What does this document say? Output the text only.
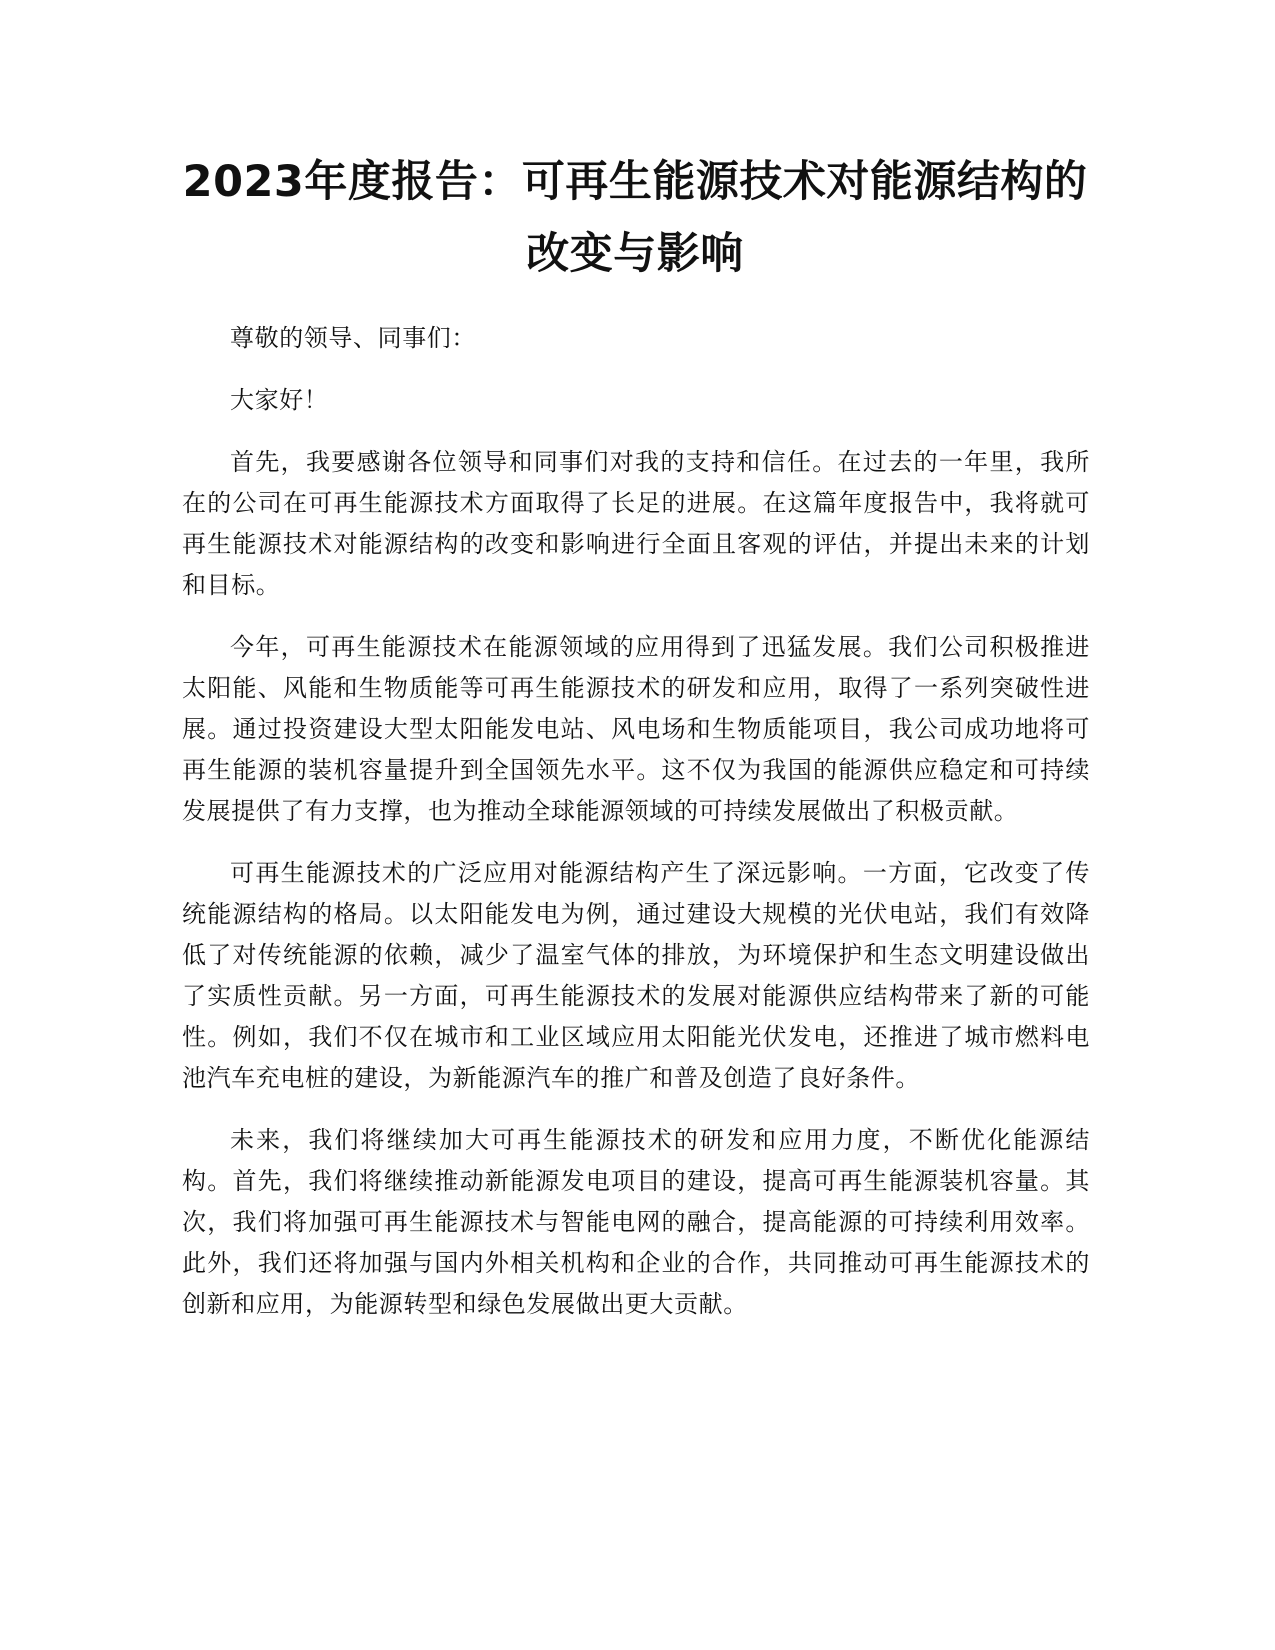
2023年度报告：可再生能源技术对能源结构的改变与影响

尊敬的领导、同事们：

大家好！

首先，我要感谢各位领导和同事们对我的支持和信任。在过去的一年里，我所在的公司在可再生能源技术方面取得了长足的进展。在这篇年度报告中，我将就可再生能源技术对能源结构的改变和影响进行全面且客观的评估，并提出未来的计划和目标。

今年，可再生能源技术在能源领域的应用得到了迅猛发展。我们公司积极推进太阳能、风能和生物质能等可再生能源技术的研发和应用，取得了一系列突破性进展。通过投资建设大型太阳能发电站、风电场和生物质能项目，我公司成功地将可再生能源的装机容量提升到全国领先水平。这不仅为我国的能源供应稳定和可持续发展提供了有力支撑，也为推动全球能源领域的可持续发展做出了积极贡献。

可再生能源技术的广泛应用对能源结构产生了深远影响。一方面，它改变了传统能源结构的格局。以太阳能发电为例，通过建设大规模的光伏电站，我们有效降低了对传统能源的依赖，减少了温室气体的排放，为环境保护和生态文明建设做出了实质性贡献。另一方面，可再生能源技术的发展对能源供应结构带来了新的可能性。例如，我们不仅在城市和工业区域应用太阳能光伏发电，还推进了城市燃料电池汽车充电桩的建设，为新能源汽车的推广和普及创造了良好条件。

未来，我们将继续加大可再生能源技术的研发和应用力度，不断优化能源结构。首先，我们将继续推动新能源发电项目的建设，提高可再生能源装机容量。其次，我们将加强可再生能源技术与智能电网的融合，提高能源的可持续利用效率。此外，我们还将加强与国内外相关机构和企业的合作，共同推动可再生能源技术的创新和应用，为能源转型和绿色发展做出更大贡献。
